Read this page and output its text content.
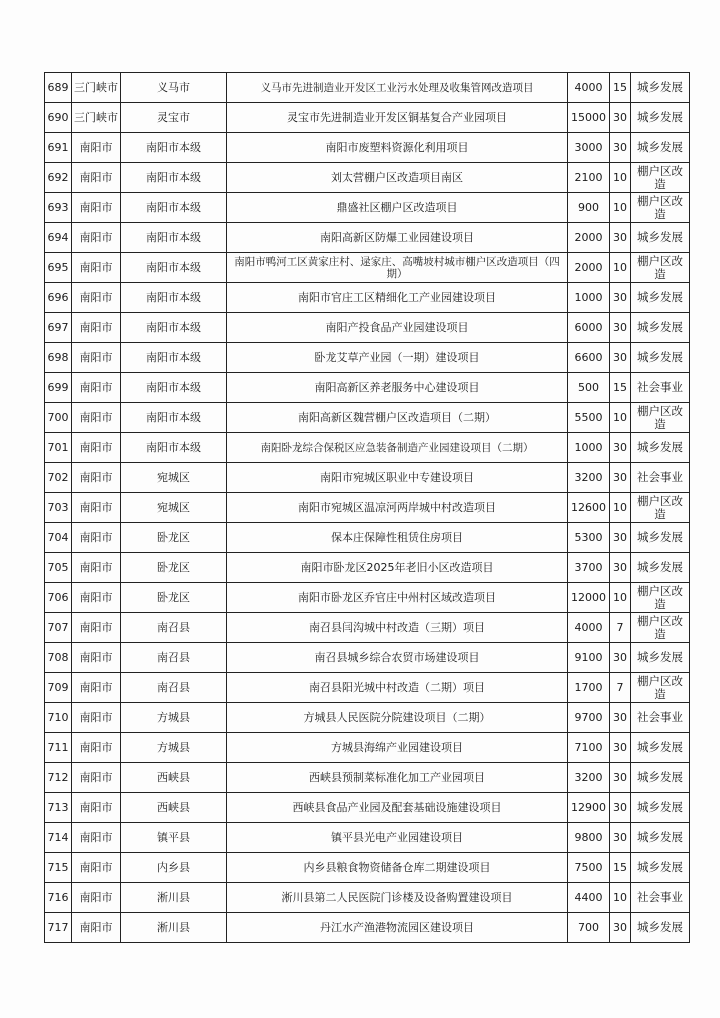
689	三门峡市	义马市	义马市先进制造业开发区工业污水处理及收集管网改造项目	4000	15	城乡发展
690	三门峡市	灵宝市	灵宝市先进制造业开发区铜基复合产业园项目	15000	30	城乡发展
691	南阳市	南阳市本级	南阳市废塑料资源化利用项目	3000	30	城乡发展
692	南阳市	南阳市本级	刘太营棚户区改造项目南区	2100	10	棚户区改造
693	南阳市	南阳市本级	鼎盛社区棚户区改造项目	900	10	棚户区改造
694	南阳市	南阳市本级	南阳高新区防爆工业园建设项目	2000	30	城乡发展
695	南阳市	南阳市本级	南阳市鸭河工区黄家庄村、逯家庄、高嘴坡村城市棚户区改造项目（四期）	2000	10	棚户区改造
696	南阳市	南阳市本级	南阳市官庄工区精细化工产业园建设项目	1000	30	城乡发展
697	南阳市	南阳市本级	南阳产投食品产业园建设项目	6000	30	城乡发展
698	南阳市	南阳市本级	卧龙艾草产业园（一期）建设项目	6600	30	城乡发展
699	南阳市	南阳市本级	南阳高新区养老服务中心建设项目	500	15	社会事业
700	南阳市	南阳市本级	南阳高新区魏营棚户区改造项目（二期）	5500	10	棚户区改造
701	南阳市	南阳市本级	南阳卧龙综合保税区应急装备制造产业园建设项目（二期）	1000	30	城乡发展
702	南阳市	宛城区	南阳市宛城区职业中专建设项目	3200	30	社会事业
703	南阳市	宛城区	南阳市宛城区温凉河两岸城中村改造项目	12600	10	棚户区改造
704	南阳市	卧龙区	保本庄保障性租赁住房项目	5300	30	城乡发展
705	南阳市	卧龙区	南阳市卧龙区2025年老旧小区改造项目	3700	30	城乡发展
706	南阳市	卧龙区	南阳市卧龙区乔官庄中州村区域改造项目	12000	10	棚户区改造
707	南阳市	南召县	南召县闫沟城中村改造（三期）项目	4000	7	棚户区改造
708	南阳市	南召县	南召县城乡综合农贸市场建设项目	9100	30	城乡发展
709	南阳市	南召县	南召县阳光城中村改造（二期）项目	1700	7	棚户区改造
710	南阳市	方城县	方城县人民医院分院建设项目（二期）	9700	30	社会事业
711	南阳市	方城县	方城县海绵产业园建设项目	7100	30	城乡发展
712	南阳市	西峡县	西峡县预制菜标准化加工产业园项目	3200	30	城乡发展
713	南阳市	西峡县	西峡县食品产业园及配套基础设施建设项目	12900	30	城乡发展
714	南阳市	镇平县	镇平县光电产业园建设项目	9800	30	城乡发展
715	南阳市	内乡县	内乡县粮食物资储备仓库二期建设项目	7500	15	城乡发展
716	南阳市	淅川县	淅川县第二人民医院门诊楼及设备购置建设项目	4400	10	社会事业
717	南阳市	淅川县	丹江水产渔港物流园区建设项目	700	30	城乡发展
